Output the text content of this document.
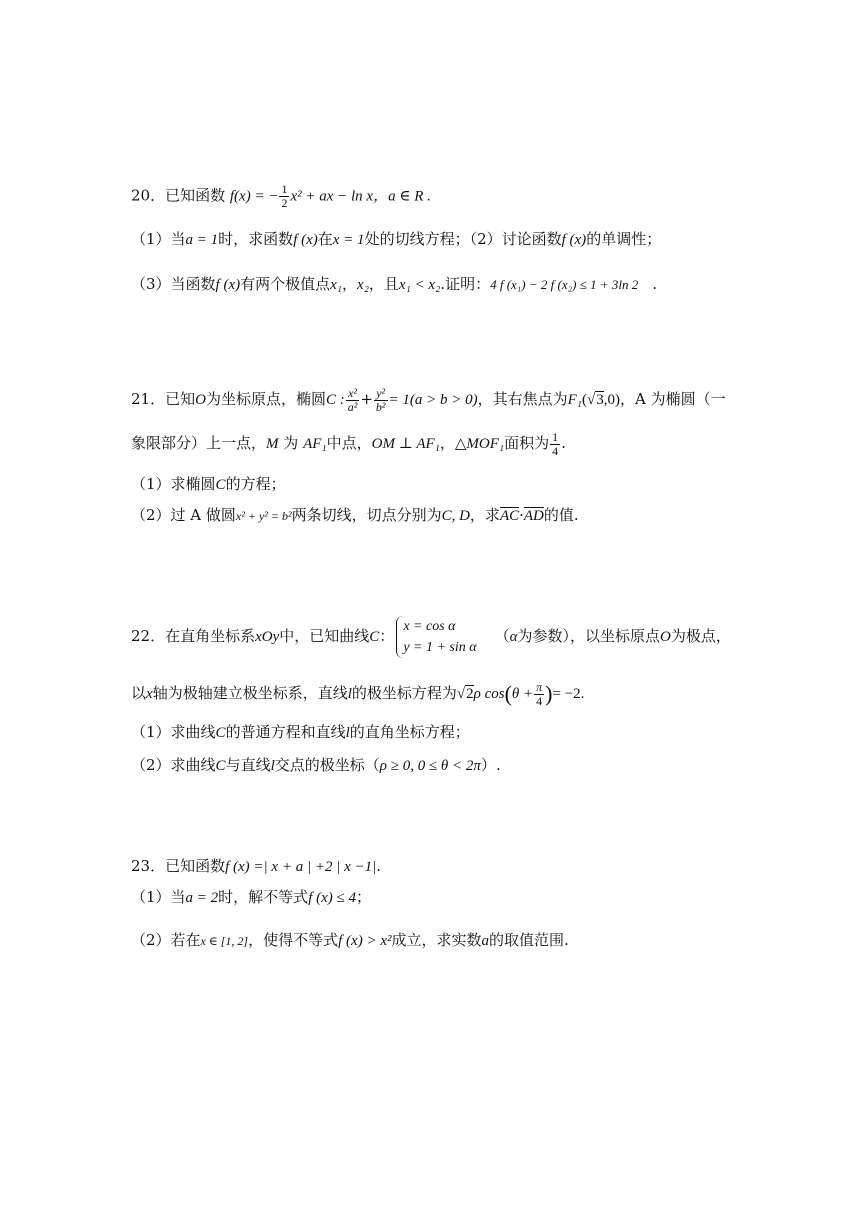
20．已知函数 f(x) = − $\frac{1}{2} x^2$ + ax − ln x，a ∈ R .
（1）当a = 1时，求函数f (x)在x = 1处的切线方程；（2）讨论函数f (x)的单调性；
（3）当函数f (x)有两个极值点x₁，x₂，且x₁ < x₂.证明：4 f (x₁) − 2 f (x₂) ≤ 1 + 3ln 2 .
21．已知O为坐标原点，椭圆C : $\frac{\text{x²}}{\text{a²}} + \frac{\text{y²}}{\text{b²}} = 1(a > b > 0)$，其右焦点为F₁(√3,0)，A 为椭圆（一
象限部分）上一点，M 为 AF₁中点，OM ⊥ AF₁，△MOF₁面积为 $\frac{1}{4}$ .
（1）求椭圆C的方程；
（2）过 A 做圆x² + y² = b²两条切线，切点分别为C, D，求AC·AD的值.
22．在直角坐标系xOy中，已知曲线C：
x = cos α
y = 1 + sin α
（α为参数），以坐标原点O为极点，
以x轴为极轴建立极坐标系，直线l的极坐标方程为√2ρ $\cos(\theta + \frac{\pi}{4}$ )= −2.
（1）求曲线C的普通方程和直线l的直角坐标方程；
（2）求曲线C与直线l交点的极坐标（ρ ≥ 0, 0 ≤ θ < 2π）.
23．已知函数f (x) =| x + a | +2 | x −1|.
（1）当a = 2时，解不等式f (x) ≤ 4；
（2）若在x ∈ [1, 2]，使得不等式f (x) > x²成立，求实数a的取值范围.
